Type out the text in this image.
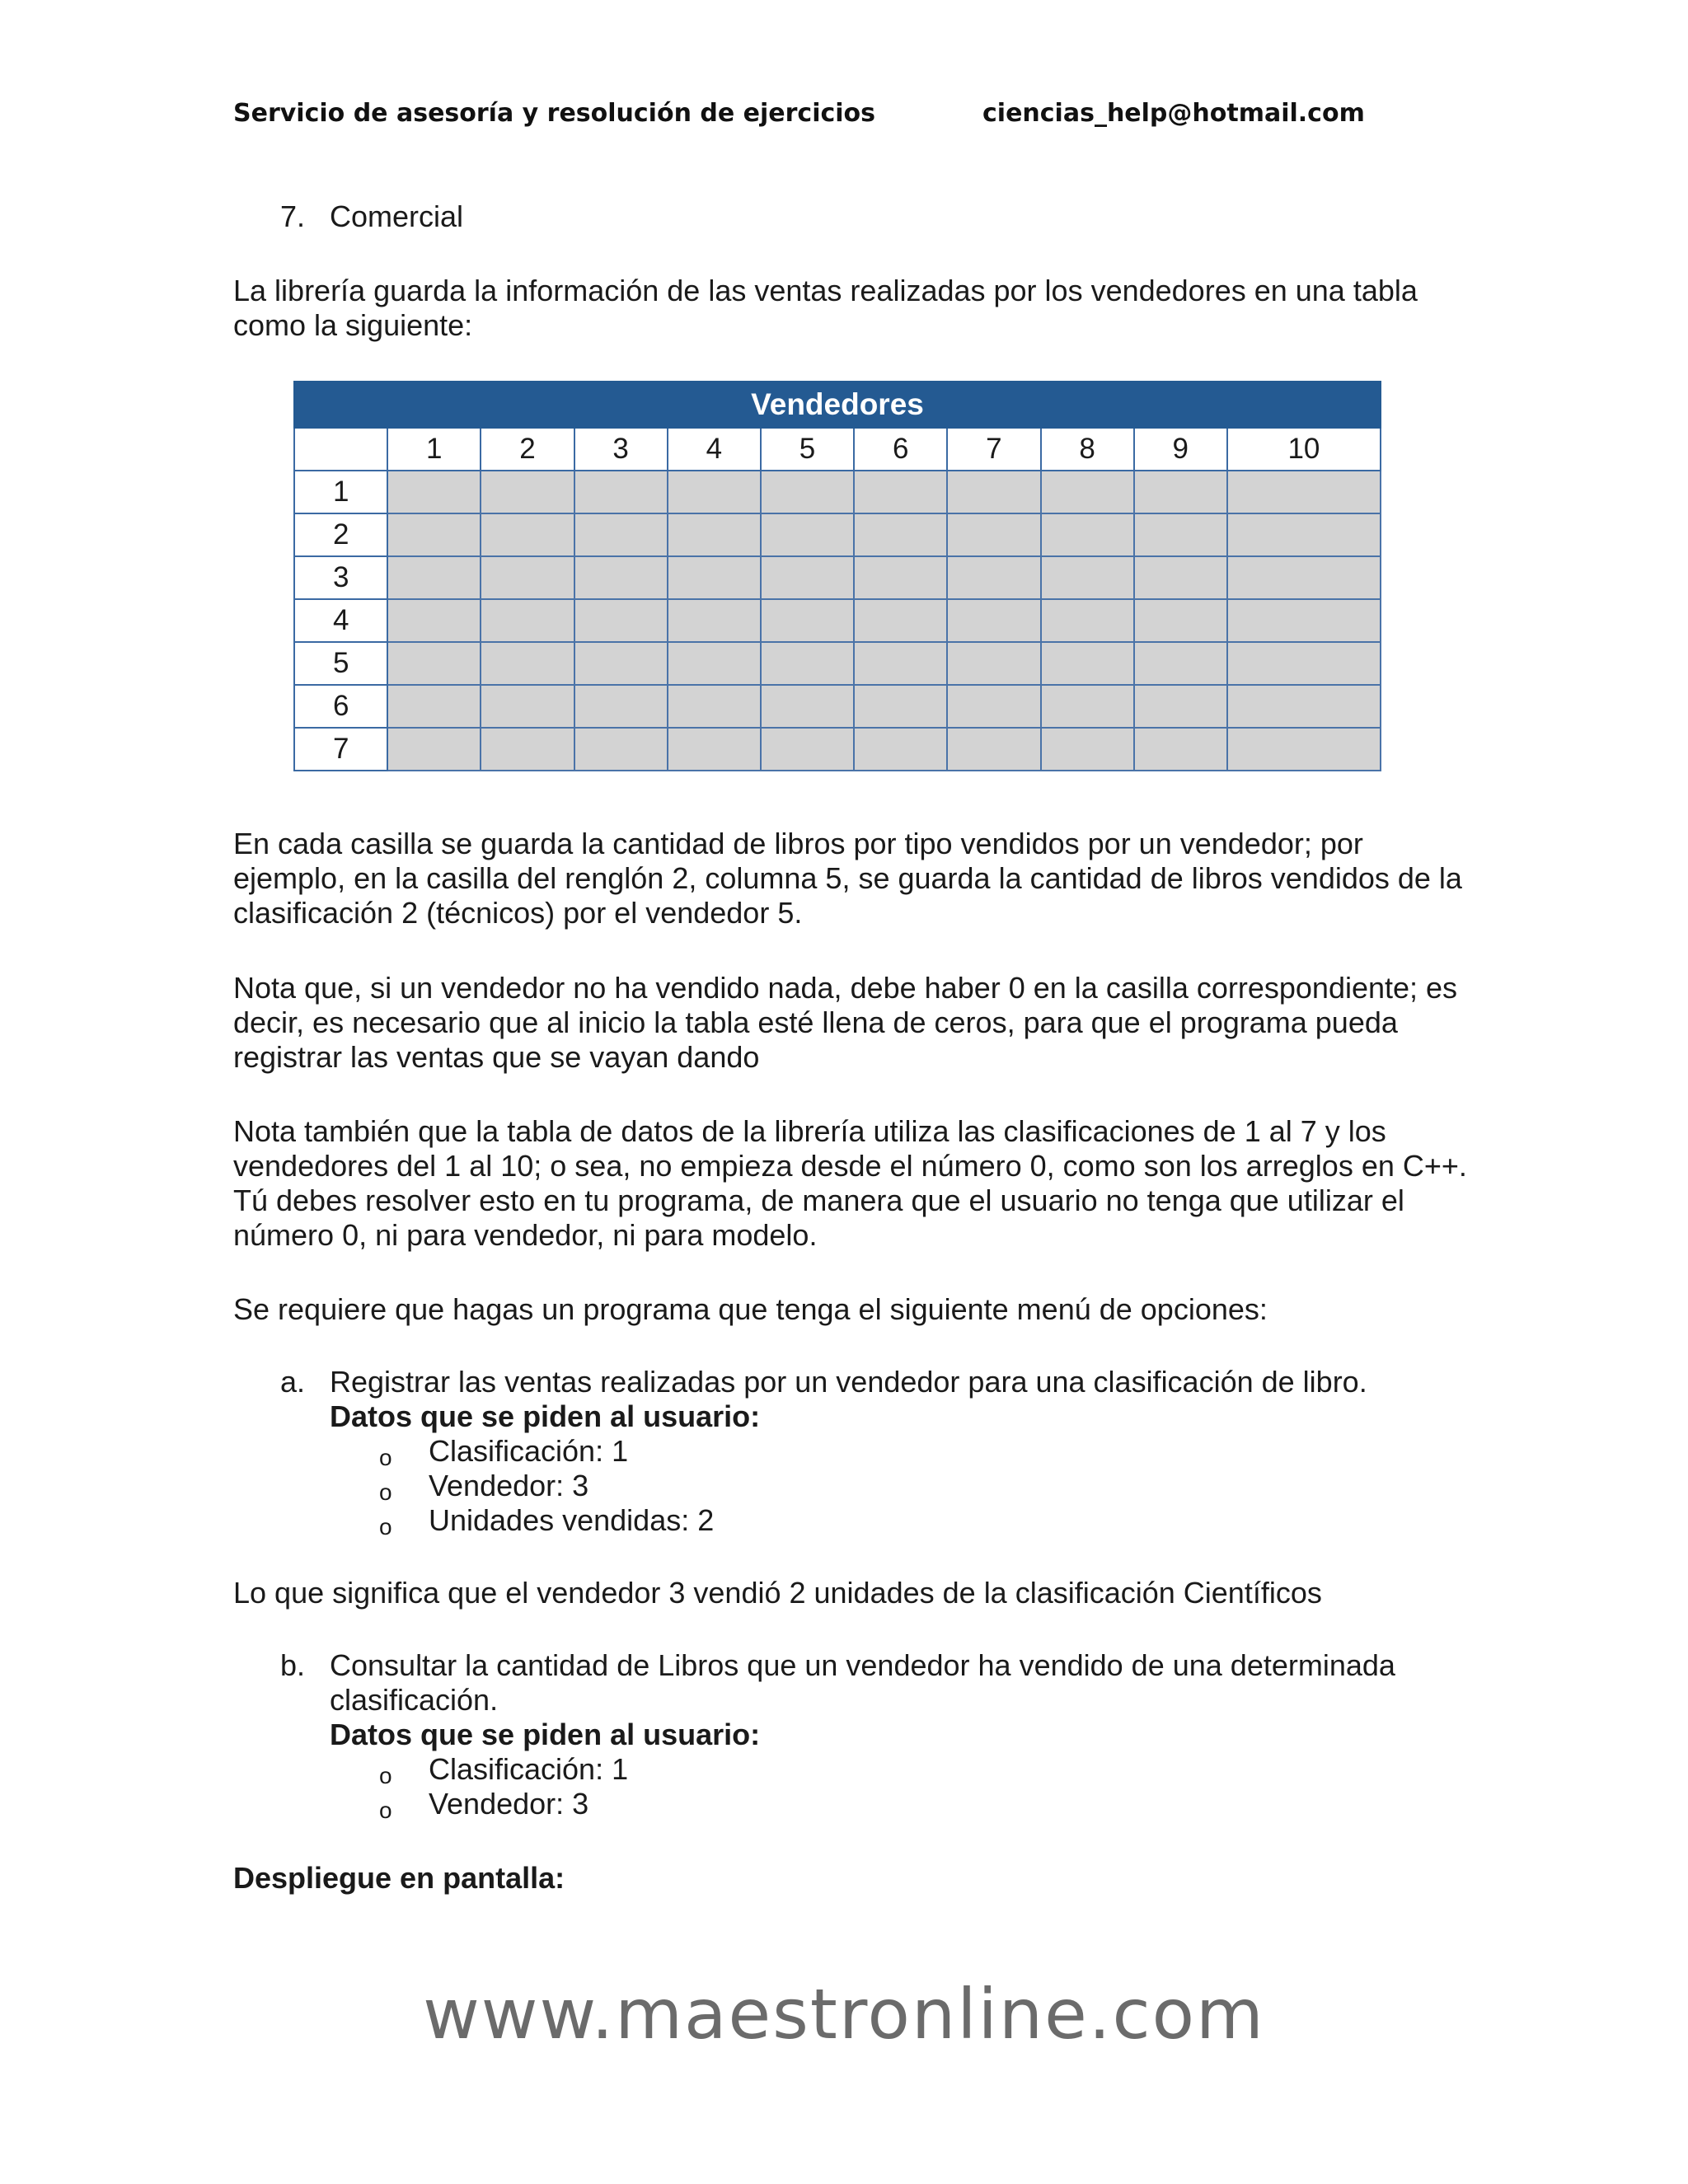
Servicio de asesoría y resolución de ejercicios	ciencias_help@hotmail.com
7. Comercial

La librería guarda la información de las ventas realizadas por los vendedores en una tabla como la siguiente:

Vendedores										
	1	2	3	4	5	6	7	8	9	10
1										
2										
3										
4										
5										
6										
7										

En cada casilla se guarda la cantidad de libros por tipo vendidos por un vendedor; por ejemplo, en la casilla del renglón 2, columna 5, se guarda la cantidad de libros vendidos de la clasificación 2 (técnicos) por el vendedor 5.

Nota que, si un vendedor no ha vendido nada, debe haber 0 en la casilla correspondiente; es decir, es necesario que al inicio la tabla esté llena de ceros, para que el programa pueda registrar las ventas que se vayan dando

Nota también que la tabla de datos de la librería utiliza las clasificaciones de 1 al 7 y los vendedores del 1 al 10; o sea, no empieza desde el número 0, como son los arreglos en C++. Tú debes resolver esto en tu programa, de manera que el usuario no tenga que utilizar el número 0, ni para vendedor, ni para modelo.

Se requiere que hagas un programa que tenga el siguiente menú de opciones:

a. Registrar las ventas realizadas por un vendedor para una clasificación de libro.
Datos que se piden al usuario:
o Clasificación: 1
o Vendedor: 3
o Unidades vendidas: 2

Lo que significa que el vendedor 3 vendió 2 unidades de la clasificación Científicos

b. Consultar la cantidad de Libros que un vendedor ha vendido de una determinada
clasificación.
Datos que se piden al usuario:
o Clasificación: 1
o Vendedor: 3
Despliegue en pantalla:
www.maestronline.com
